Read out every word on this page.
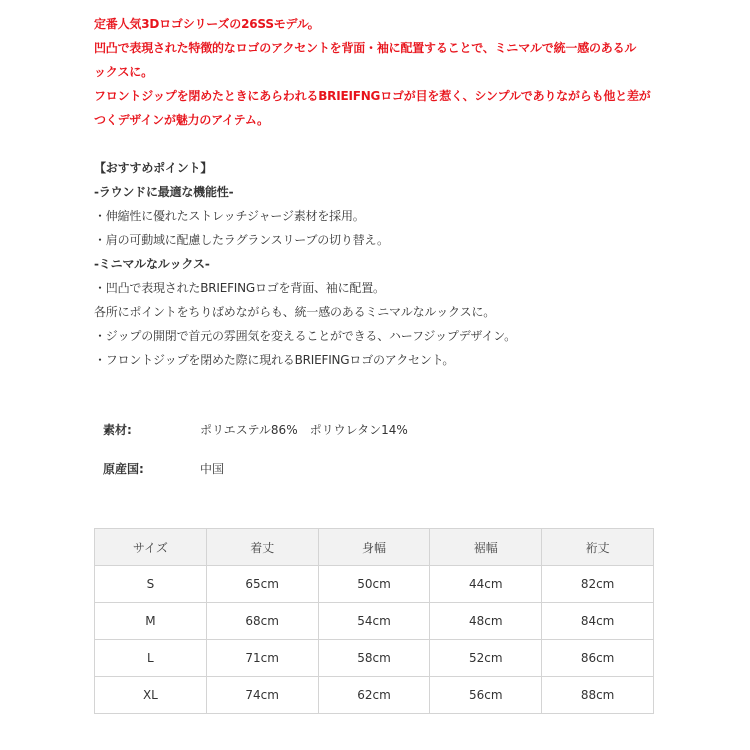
定番人気3Dロゴシリーズの26SSモデル。
凹凸で表現された特徴的なロゴのアクセントを背面・袖に配置することで、ミニマルで統一感のあるル
ックスに。
フロントジップを閉めたときにあらわれるBRIEIFNGロゴが目を惹く、シンプルでありながらも他と差が
つくデザインが魅力のアイテム。
【おすすめポイント】
-ラウンドに最適な機能性-
・伸縮性に優れたストレッチジャージ素材を採用。
・肩の可動域に配慮したラグランスリーブの切り替え。
-ミニマルなルックス-
・凹凸で表現されたBRIEFINGロゴを背面、袖に配置。
各所にポイントをちりばめながらも、統一感のあるミニマルなルックスに。
・ジップの開閉で首元の雰囲気を変えることができる、ハーフジップデザイン。
・フロントジップを閉めた際に現れるBRIEFINGロゴのアクセント。
素材:	ポリエステル86%　ポリウレタン14%
原産国:	中国
サイズ	着丈	身幅	裾幅	裄丈
S	65cm	50cm	44cm	82cm
M	68cm	54cm	48cm	84cm
L	71cm	58cm	52cm	86cm
XL	74cm	62cm	56cm	88cm
